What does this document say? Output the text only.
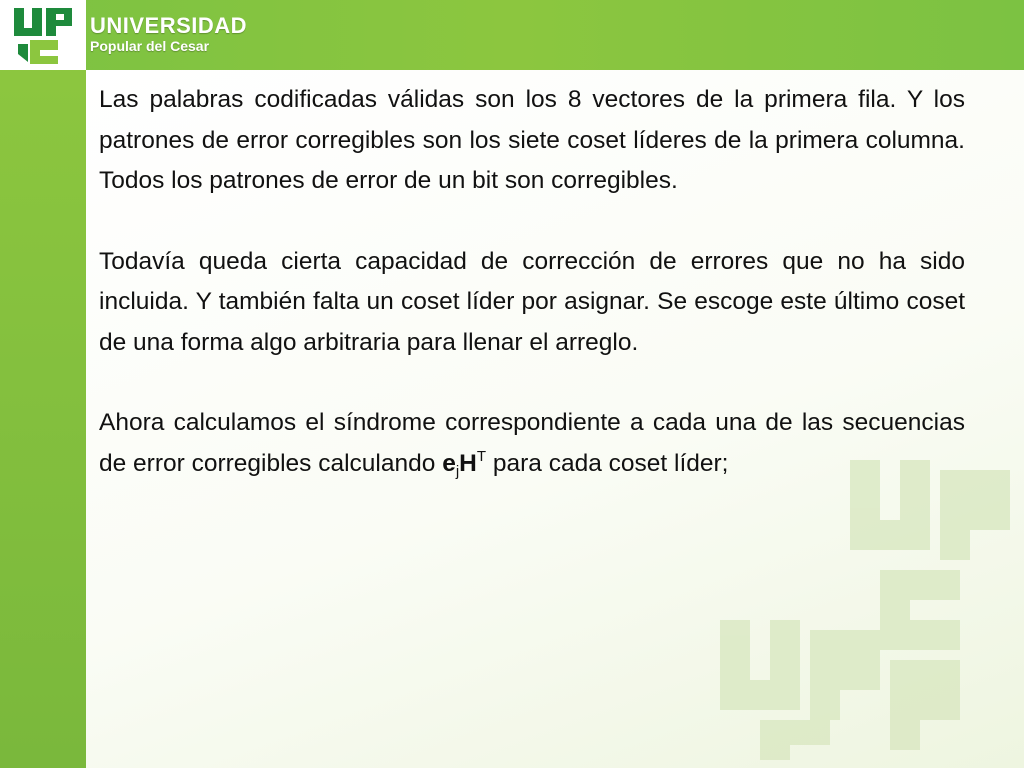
UNIVERSIDAD
Popular del Cesar

Las palabras codificadas válidas son los 8 vectores de la primera fila. Y los patrones de error corregibles son los siete coset líderes de la primera columna. Todos los patrones de error de un bit son corregibles.

Todavía queda cierta capacidad de corrección de errores que no ha sido incluida. Y también falta un coset líder por asignar. Se escoge este último coset de una forma algo arbitraria para llenar el arreglo.

Ahora calculamos el síndrome correspondiente a cada una de las secuencias de error corregibles calculando $e_jH^T$ para cada coset líder;
